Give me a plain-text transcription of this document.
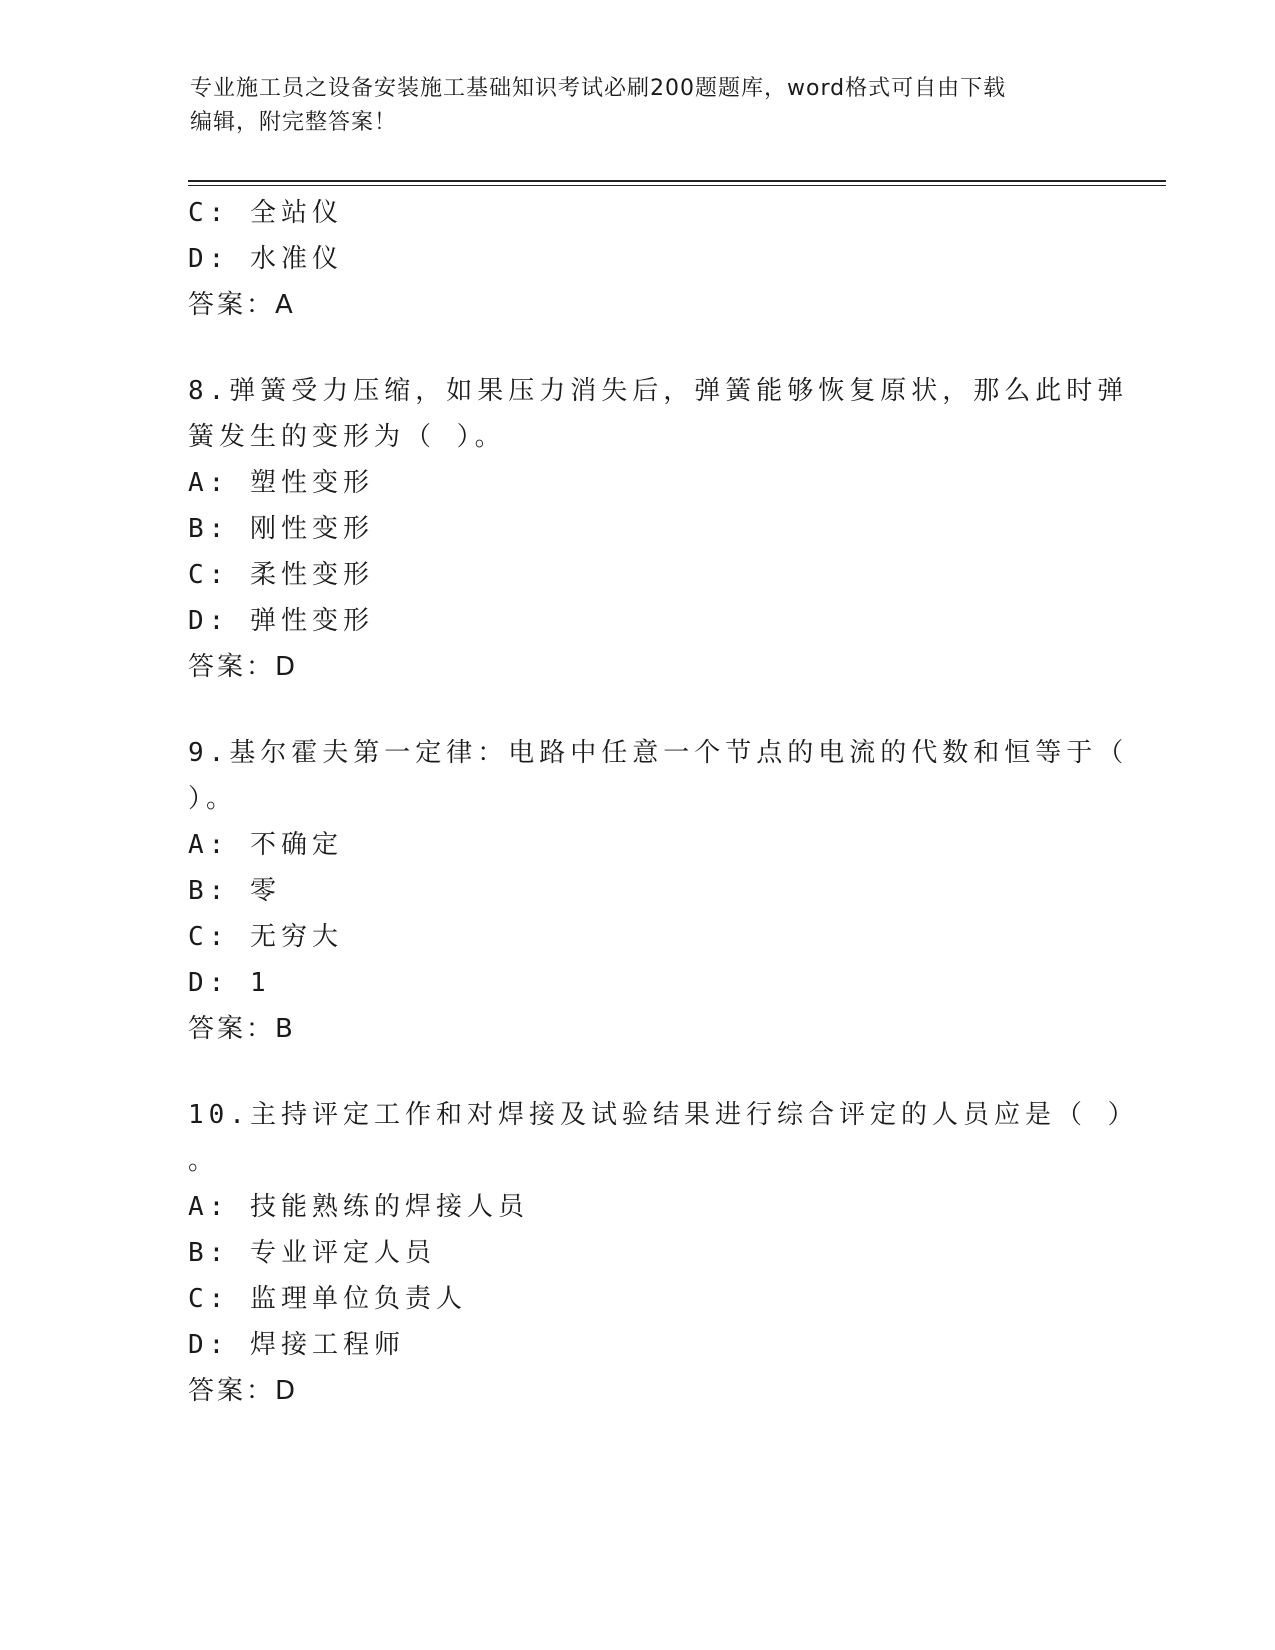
专业施工员之设备安装施工基础知识考试必刷200题题库，word格式可自由下载
编辑，附完整答案！
C: 全站仪
D: 水准仪
答案：A
8.弹簧受力压缩，如果压力消失后，弹簧能够恢复原状，那么此时弹
簧发生的变形为（ ）。
A: 塑性变形
B: 刚性变形
C: 柔性变形
D: 弹性变形
答案：D
9.基尔霍夫第一定律：电路中任意一个节点的电流的代数和恒等于（
）。
A: 不确定
B: 零
C: 无穷大
D: 1
答案：B
10.主持评定工作和对焊接及试验结果进行综合评定的人员应是（ ）
。
A: 技能熟练的焊接人员
B: 专业评定人员
C: 监理单位负责人
D: 焊接工程师
答案：D
